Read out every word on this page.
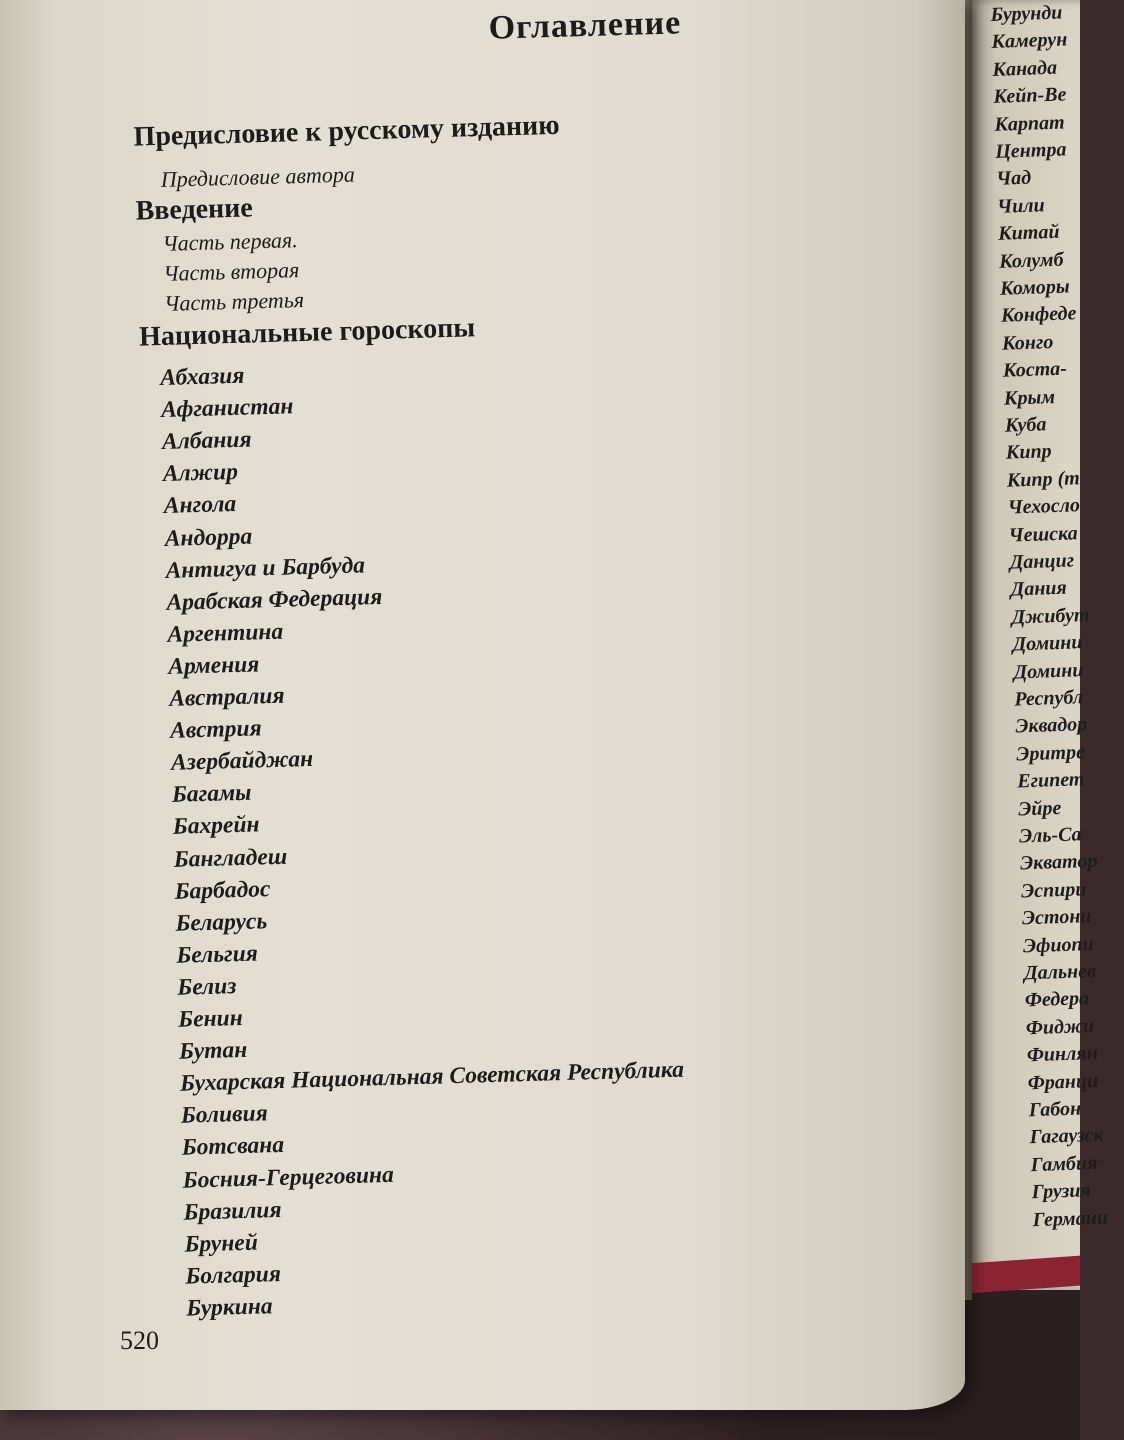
Оглавление
Предисловие к русскому изданию
Предисловие автора
Введение
Часть первая.
Часть вторая
Часть третья
Национальные гороскопы
Абхазия
Афганистан
Албания
Алжир
Ангола
Андорра
Антигуа и Барбуда
Арабская Федерация
Аргентина
Армения
Австралия
Австрия
Азербайджан
Багамы
Бахрейн
Бангладеш
Барбадос
Беларусь
Бельгия
Белиз
Бенин
Бутан
Бухарская Национальная Советская Республика
Боливия
Ботсвана
Босния-Герцеговина
Бразилия
Бруней
Болгария
Буркина
520
Бурунди
Камерун
Канада
Кейп-Ве
Карпат
Центра
Чад
Чили
Китай
Колумб
Коморы
Конфеде
Конго
Коста-
Крым
Куба
Кипр
Кипр (т
Чехосло
Чешска
Данциг
Дания
Джибут
Домини
Домини
Республ
Эквадор
Эритре
Египет
Эйре
Эль-Са
Экватор
Эспири
Эстони
Эфиопи
Дальнев
Федера
Фиджи
Финлян
Франци
Габон
Гагаузск
Гамбия
Грузия
Германи
